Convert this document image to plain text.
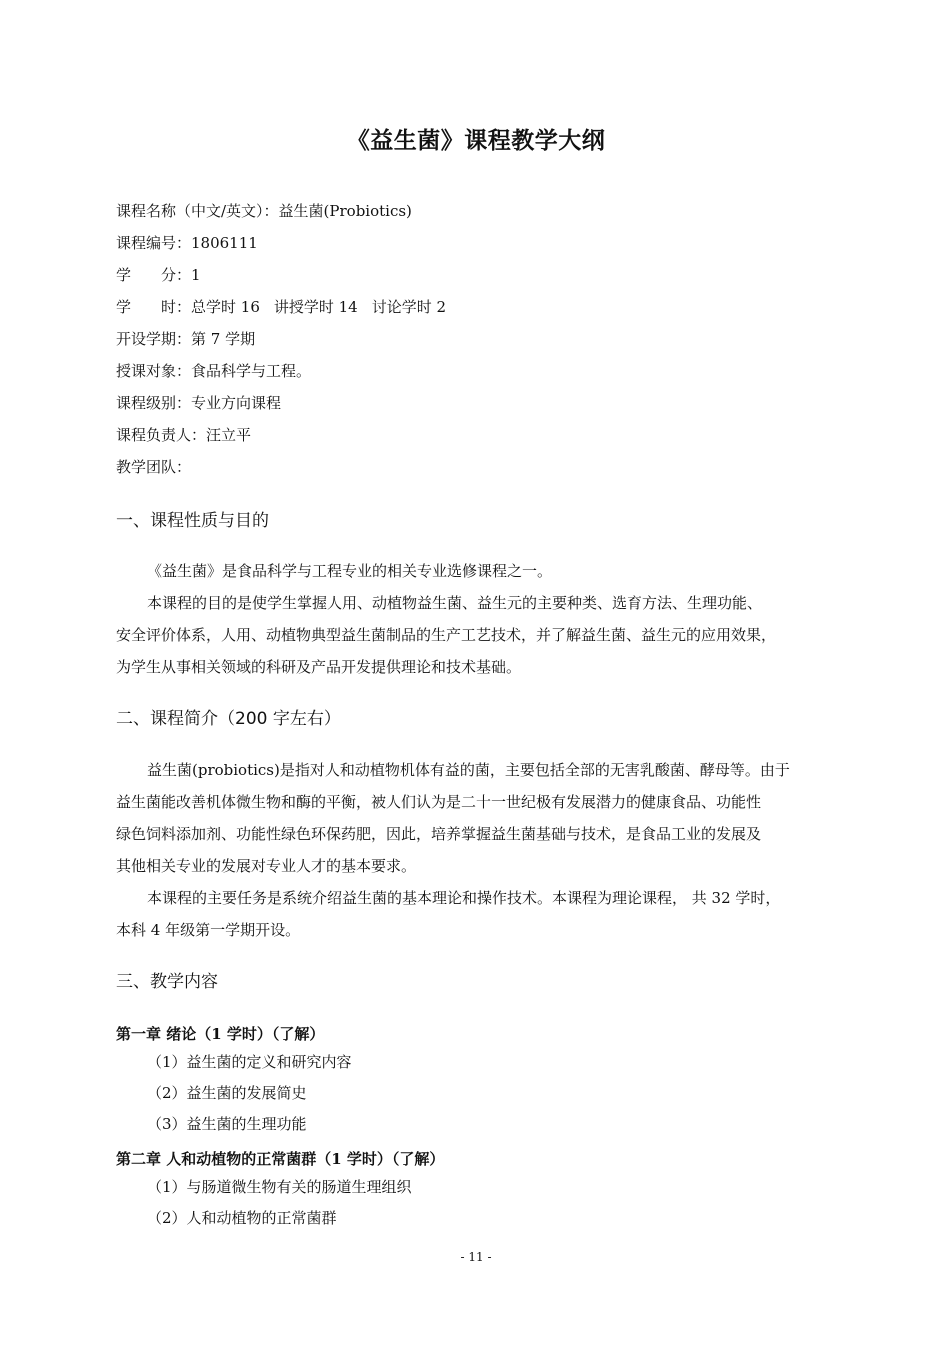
《益生菌》课程教学大纲
课程名称（中文/英文）：益生菌(Probiotics)
课程编号：1806111
学 分：1
学 时：总学时 16 讲授学时 14 讨论学时 2
开设学期：第 7 学期
授课对象：食品科学与工程。
课程级别：专业方向课程
课程负责人：汪立平
教学团队：
一、课程性质与目的
《益生菌》是食品科学与工程专业的相关专业选修课程之一。
本课程的目的是使学生掌握人用、动植物益生菌、益生元的主要种类、选育方法、生理功能、
安全评价体系，人用、动植物典型益生菌制品的生产工艺技术，并了解益生菌、益生元的应用效果，
为学生从事相关领域的科研及产品开发提供理论和技术基础。
二、课程简介（200 字左右）
益生菌(probiotics)是指对人和动植物机体有益的菌，主要包括全部的无害乳酸菌、酵母等。由于
益生菌能改善机体微生物和酶的平衡，被人们认为是二十一世纪极有发展潜力的健康食品、功能性
绿色饲料添加剂、功能性绿色环保药肥，因此，培养掌握益生菌基础与技术，是食品工业的发展及
其他相关专业的发展对专业人才的基本要求。
本课程的主要任务是系统介绍益生菌的基本理论和操作技术。本课程为理论课程， 共 32 学时，
本科 4 年级第一学期开设。
三、教学内容
第一章 绪论（1 学时）（了解）
（1）益生菌的定义和研究内容
（2）益生菌的发展简史
（3）益生菌的生理功能
第二章 人和动植物的正常菌群（1 学时）（了解）
（1）与肠道微生物有关的肠道生理组织
（2）人和动植物的正常菌群
- 11 -
